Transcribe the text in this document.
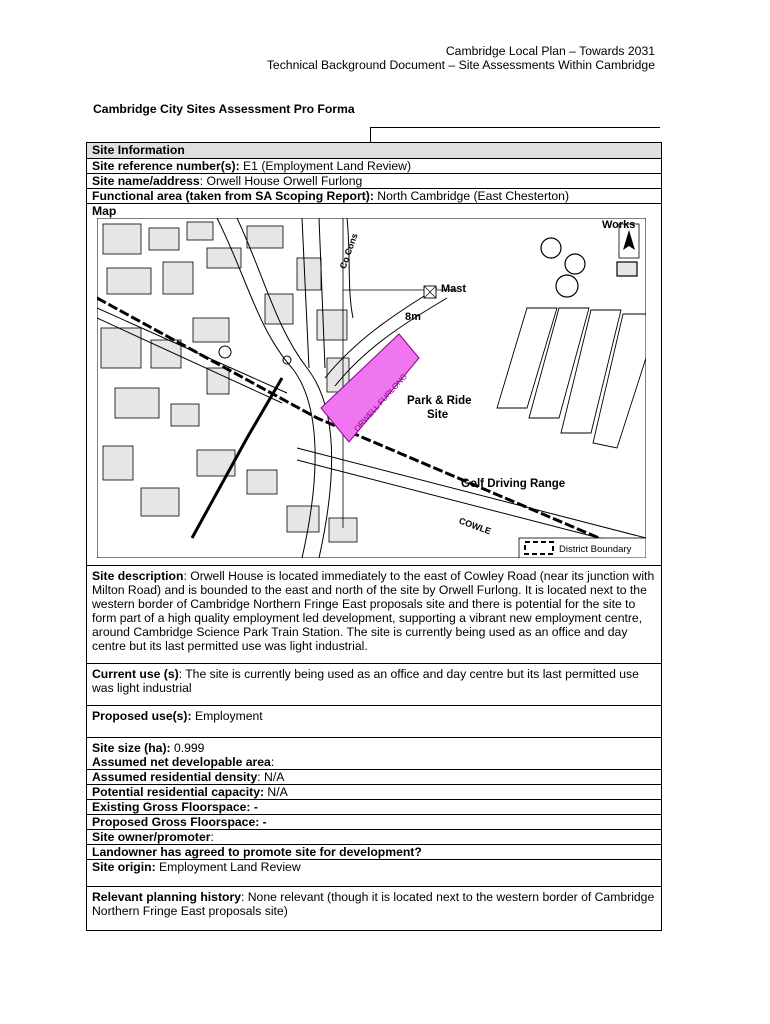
Cambridge Local Plan – Towards 2031
Technical Background Document – Site Assessments Within Cambridge
Cambridge City Sites Assessment Pro Forma
Site Information
Site reference number(s): E1 (Employment Land Review)
Site name/address: Orwell House Orwell Furlong
Functional area (taken from SA Scoping Report): North Cambridge (East Chesterton)
Map
Works
ORWELL FURLONG
Mast
8m
Park & Ride
Site
Golf Driving Range
Co Cons
COWLE
District Boundary
Site description: Orwell House is located immediately to the east of Cowley Road (near its junction with Milton Road) and is bounded to the east and north of the site by Orwell Furlong. It is located next to the western border of Cambridge Northern Fringe East proposals site and there is potential for the site to form part of a high quality employment led development, supporting a vibrant new employment centre, around Cambridge Science Park Train Station. The site is currently being used as an office and day centre but its last permitted use was light industrial.
Current use (s): The site is currently being used as an office and day centre but its last permitted use was light industrial
Proposed use(s): Employment
Site size (ha): 0.999
Assumed net developable area:
Assumed residential density: N/A
Potential residential capacity: N/A
Existing Gross Floorspace: -
Proposed Gross Floorspace: -
Site owner/promoter:
Landowner has agreed to promote site for development?
Site origin: Employment Land Review
Relevant planning history: None relevant (though it is located next to the western border of Cambridge Northern Fringe East proposals site)
